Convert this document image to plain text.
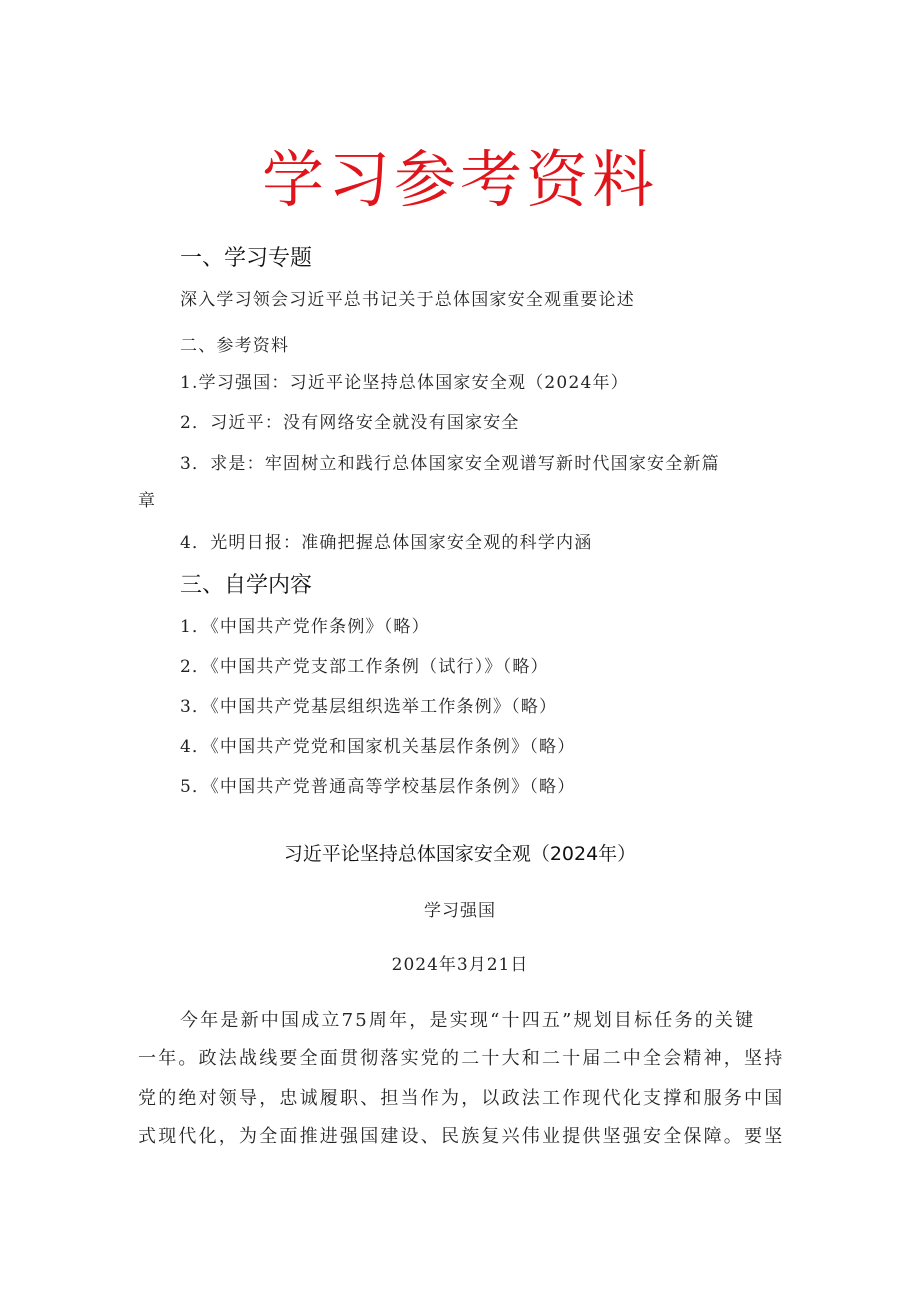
学习参考资料
一、学习专题
深入学习领会习近平总书记关于总体国家安全观重要论述
二、参考资料
1.学习强国：习近平论坚持总体国家安全观（2024年）
2．习近平：没有网络安全就没有国家安全
3．求是：牢固树立和践行总体国家安全观谱写新时代国家安全新篇
章
4．光明日报：准确把握总体国家安全观的科学内涵
三、自学内容
1．《中国共产党作条例》（略）
2．《中国共产党支部工作条例（试行）》（略）
3．《中国共产党基层组织选举工作条例》（略）
4．《中国共产党党和国家机关基层作条例》（略）
5．《中国共产党普通高等学校基层作条例》（略）
习近平论坚持总体国家安全观（2024年）
学习强国
2024年3月21日
今年是新中国成立75周年，是实现“十四五”规划目标任务的关键
一年。政法战线要全面贯彻落实党的二十大和二十届二中全会精神，坚持
党的绝对领导，忠诚履职、担当作为，以政法工作现代化支撑和服务中国
式现代化，为全面推进强国建设、民族复兴伟业提供坚强安全保障。要坚
